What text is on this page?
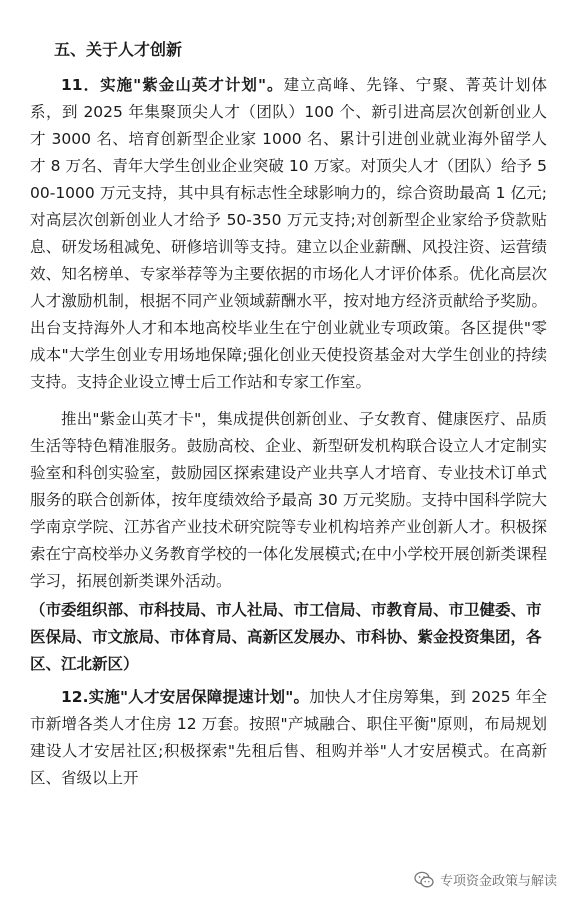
五、关于人才创新

11．实施"紫金山英才计划"。建立高峰、先锋、宁聚、菁英计划体系，到 2025 年集聚顶尖人才（团队）100 个、新引进高层次创新创业人才 3000 名、培育创新型企业家 1000 名、累计引进创业就业海外留学人才 8 万名、青年大学生创业企业突破 10 万家。对顶尖人才（团队）给予 500-1000 万元支持，其中具有标志性全球影响力的，综合资助最高 1 亿元;对高层次创新创业人才给予 50-350 万元支持;对创新型企业家给予贷款贴息、研发场租减免、研修培训等支持。建立以企业薪酬、风投注资、运营绩效、知名榜单、专家举荐等为主要依据的市场化人才评价体系。优化高层次人才激励机制，根据不同产业领域薪酬水平，按对地方经济贡献给予奖励。出台支持海外人才和本地高校毕业生在宁创业就业专项政策。各区提供"零成本"大学生创业专用场地保障;强化创业天使投资基金对大学生创业的持续支持。支持企业设立博士后工作站和专家工作室。

推出"紫金山英才卡"，集成提供创新创业、子女教育、健康医疗、品质生活等特色精准服务。鼓励高校、企业、新型研发机构联合设立人才定制实验室和科创实验室，鼓励园区探索建设产业共享人才培育、专业技术订单式服务的联合创新体，按年度绩效给予最高 30 万元奖励。支持中国科学院大学南京学院、江苏省产业技术研究院等专业机构培养产业创新人才。积极探索在宁高校举办义务教育学校的一体化发展模式;在中小学校开展创新类课程学习，拓展创新类课外活动。

（市委组织部、市科技局、市人社局、市工信局、市教育局、市卫健委、市医保局、市文旅局、市体育局、高新区发展办、市科协、紫金投资集团，各区、江北新区）

12.实施"人才安居保障提速计划"。加快人才住房筹集，到 2025 年全市新增各类人才住房 12 万套。按照"产城融合、职住平衡"原则，布局规划建设人才安居社区;积极探索"先租后售、租购并举"人才安居模式。在高新区、省级以上开

专项资金政策与解读
